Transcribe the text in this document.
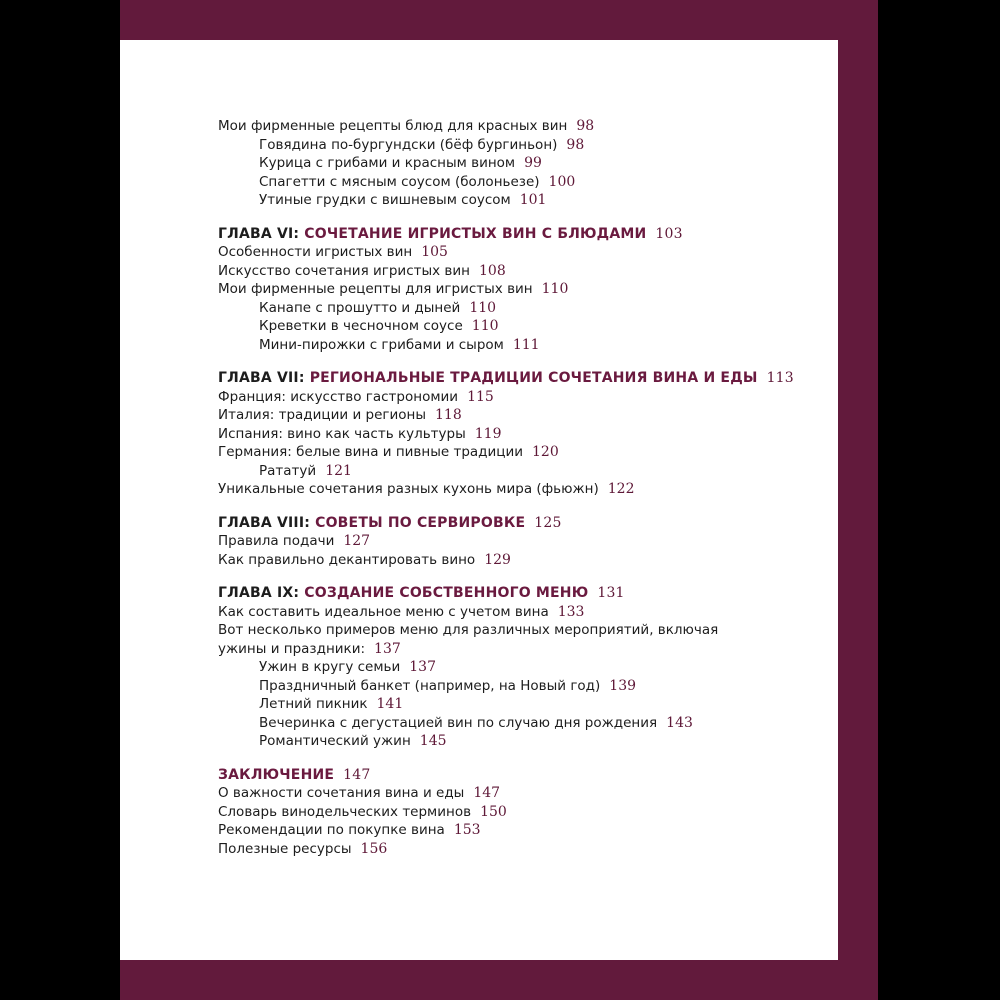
Мои фирменные рецепты блюд для красных вин 98
Говядина по-бургундски (бёф бургиньон) 98
Курица с грибами и красным вином 99
Спагетти с мясным соусом (болоньезе) 100
Утиные грудки с вишневым соусом 101
ГЛАВА VI: СОЧЕТАНИЕ ИГРИСТЫХ ВИН С БЛЮДАМИ 103
Особенности игристых вин 105
Искусство сочетания игристых вин 108
Мои фирменные рецепты для игристых вин 110
Канапе с прошутто и дыней 110
Креветки в чесночном соусе 110
Мини-пирожки с грибами и сыром 111
ГЛАВА VII: РЕГИОНАЛЬНЫЕ ТРАДИЦИИ СОЧЕТАНИЯ ВИНА И ЕДЫ 113
Франция: искусство гастрономии 115
Италия: традиции и регионы 118
Испания: вино как часть культуры 119
Германия: белые вина и пивные традиции 120
Рататуй 121
Уникальные сочетания разных кухонь мира (фьюжн) 122
ГЛАВА VIII: СОВЕТЫ ПО СЕРВИРОВКЕ 125
Правила подачи 127
Как правильно декантировать вино 129
ГЛАВА IX: СОЗДАНИЕ СОБСТВЕННОГО МЕНЮ 131
Как составить идеальное меню с учетом вина 133
Вот несколько примеров меню для различных мероприятий, включая ужины и праздники: 137
Ужин в кругу семьи 137
Праздничный банкет (например, на Новый год) 139
Летний пикник 141
Вечеринка с дегустацией вин по случаю дня рождения 143
Романтический ужин 145
ЗАКЛЮЧЕНИЕ 147
О важности сочетания вина и еды 147
Словарь винодельческих терминов 150
Рекомендации по покупке вина 153
Полезные ресурсы 156
